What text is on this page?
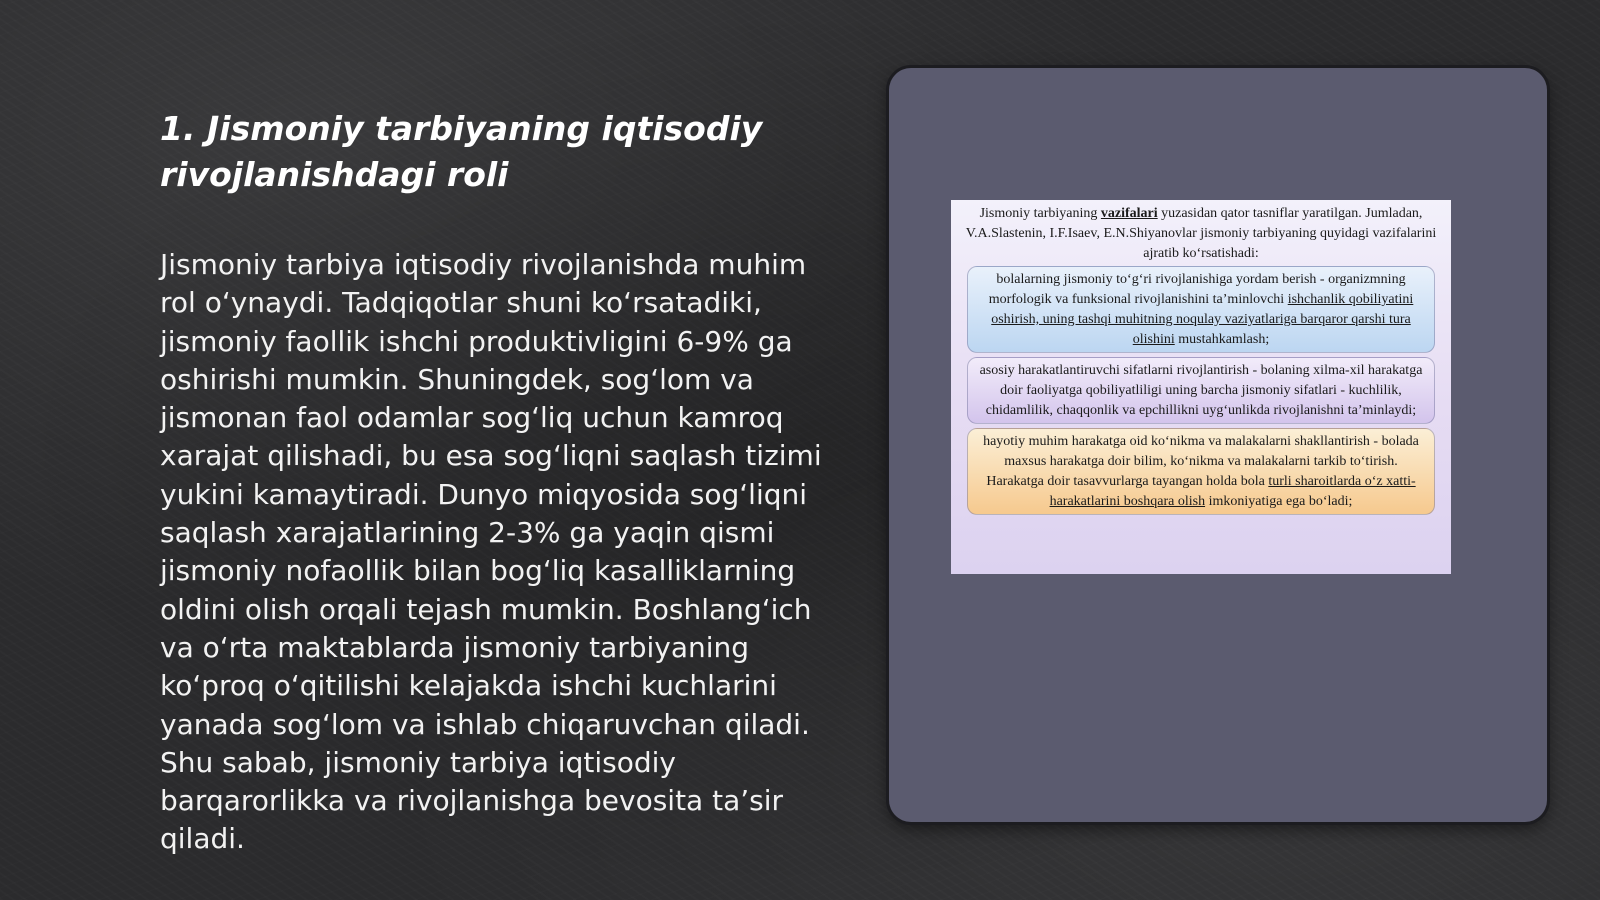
1. Jismoniy tarbiyaning iqtisodiy rivojlanishdagi roli

Jismoniy tarbiya iqtisodiy rivojlanishda muhim rol o‘ynaydi. Tadqiqotlar shuni ko‘rsatadiki, jismoniy faollik ishchi produktivligini 6-9% ga oshirishi mumkin. Shuningdek, sog‘lom va jismonan faol odamlar sog‘liq uchun kamroq xarajat qilishadi, bu esa sog‘liqni saqlash tizimi yukini kamaytiradi. Dunyo miqyosida sog‘liqni saqlash xarajatlarining 2-3% ga yaqin qismi jismoniy nofaollik bilan bog‘liq kasalliklarning oldini olish orqali tejash mumkin. Boshlang‘ich va o‘rta maktablarda jismoniy tarbiyaning ko‘proq o‘qitilishi kelajakda ishchi kuchlarini yanada sog‘lom va ishlab chiqaruvchan qiladi. Shu sabab, jismoniy tarbiya iqtisodiy barqarorlikka va rivojlanishga bevosita ta’sir qiladi.

Jismoniy tarbiyaning vazifalari yuzasidan qator tasniflar yaratilgan. Jumladan, V.A.Slastenin, I.F.Isaev, E.N.Shiyanovlar jismoniy tarbiyaning quyidagi vazifalarini ajratib ko‘rsatishadi:

bolalarning jismoniy to‘g‘ri rivojlanishiga yordam berish - organizmning morfologik va funksional rivojlanishini ta’minlovchi ishchanlik qobiliyatini oshirish, uning tashqi muhitning noqulay vaziyatlariga barqaror qarshi tura olishini mustahkamlash;
asosiy harakatlantiruvchi sifatlarni rivojlantirish - bolaning xilma-xil harakatga doir faoliyatga qobiliyatliligi uning barcha jismoniy sifatlari - kuchlilik, chidamlilik, chaqqonlik va epchillikni uyg‘unlikda rivojlanishni ta’minlaydi;
hayotiy muhim harakatga oid ko‘nikma va malakalarni shakllantirish - bolada maxsus harakatga doir bilim, ko‘nikma va malakalarni tarkib to‘tirish. Harakatga doir tasavvurlarga tayangan holda bola turli sharoitlarda o‘z xatti-harakatlarini boshqara olish imkoniyatiga ega bo‘ladi;
